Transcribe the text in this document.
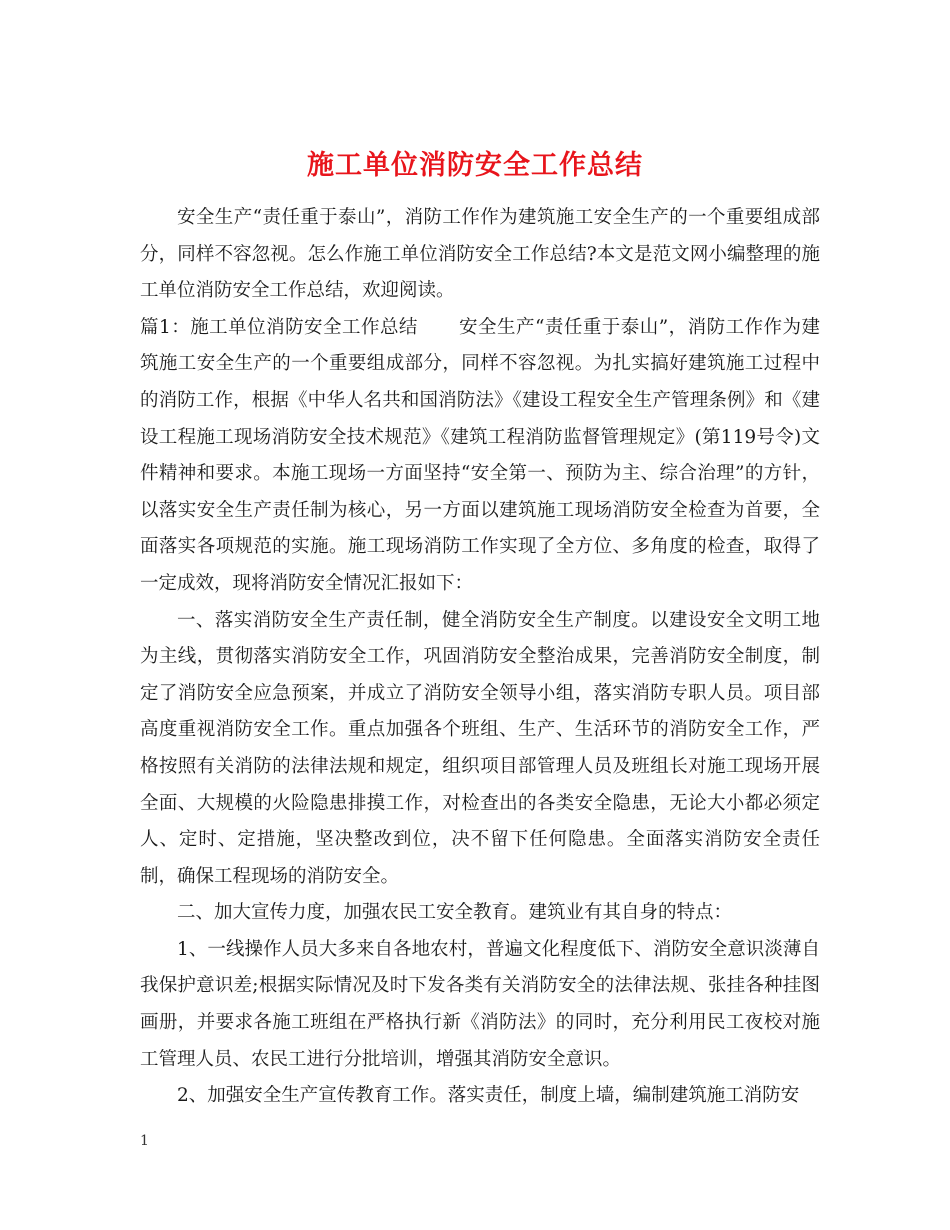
施工单位消防安全工作总结

安全生产“责任重于泰山”，消防工作作为建筑施工安全生产的一个重要组成部分，同样不容忽视。怎么作施工单位消防安全工作总结?本文是范文网小编整理的施工单位消防安全工作总结，欢迎阅读。

篇1：施工单位消防安全工作总结 安全生产“责任重于泰山”，消防工作作为建筑施工安全生产的一个重要组成部分，同样不容忽视。为扎实搞好建筑施工过程中的消防工作，根据《中华人名共和国消防法》《建设工程安全生产管理条例》和《建设工程施工现场消防安全技术规范》《建筑工程消防监督管理规定》(第119号令)文件精神和要求。本施工现场一方面坚持“安全第一、预防为主、综合治理”的方针，以落实安全生产责任制为核心，另一方面以建筑施工现场消防安全检查为首要，全面落实各项规范的实施。施工现场消防工作实现了全方位、多角度的检查，取得了一定成效，现将消防安全情况汇报如下：

一、落实消防安全生产责任制，健全消防安全生产制度。以建设安全文明工地为主线，贯彻落实消防安全工作，巩固消防安全整治成果，完善消防安全制度，制定了消防安全应急预案，并成立了消防安全领导小组，落实消防专职人员。项目部高度重视消防安全工作。重点加强各个班组、生产、生活环节的消防安全工作，严格按照有关消防的法律法规和规定，组织项目部管理人员及班组长对施工现场开展全面、大规模的火险隐患排摸工作，对检查出的各类安全隐患，无论大小都必须定人、定时、定措施，坚决整改到位，决不留下任何隐患。全面落实消防安全责任制，确保工程现场的消防安全。

二、加大宣传力度，加强农民工安全教育。建筑业有其自身的特点：

1、一线操作人员大多来自各地农村，普遍文化程度低下、消防安全意识淡薄自我保护意识差;根据实际情况及时下发各类有关消防安全的法律法规、张挂各种挂图画册，并要求各施工班组在严格执行新《消防法》的同时，充分利用民工夜校对施工管理人员、农民工进行分批培训，增强其消防安全意识。

2、加强安全生产宣传教育工作。落实责任，制度上墙，编制建筑施工消防安

1
